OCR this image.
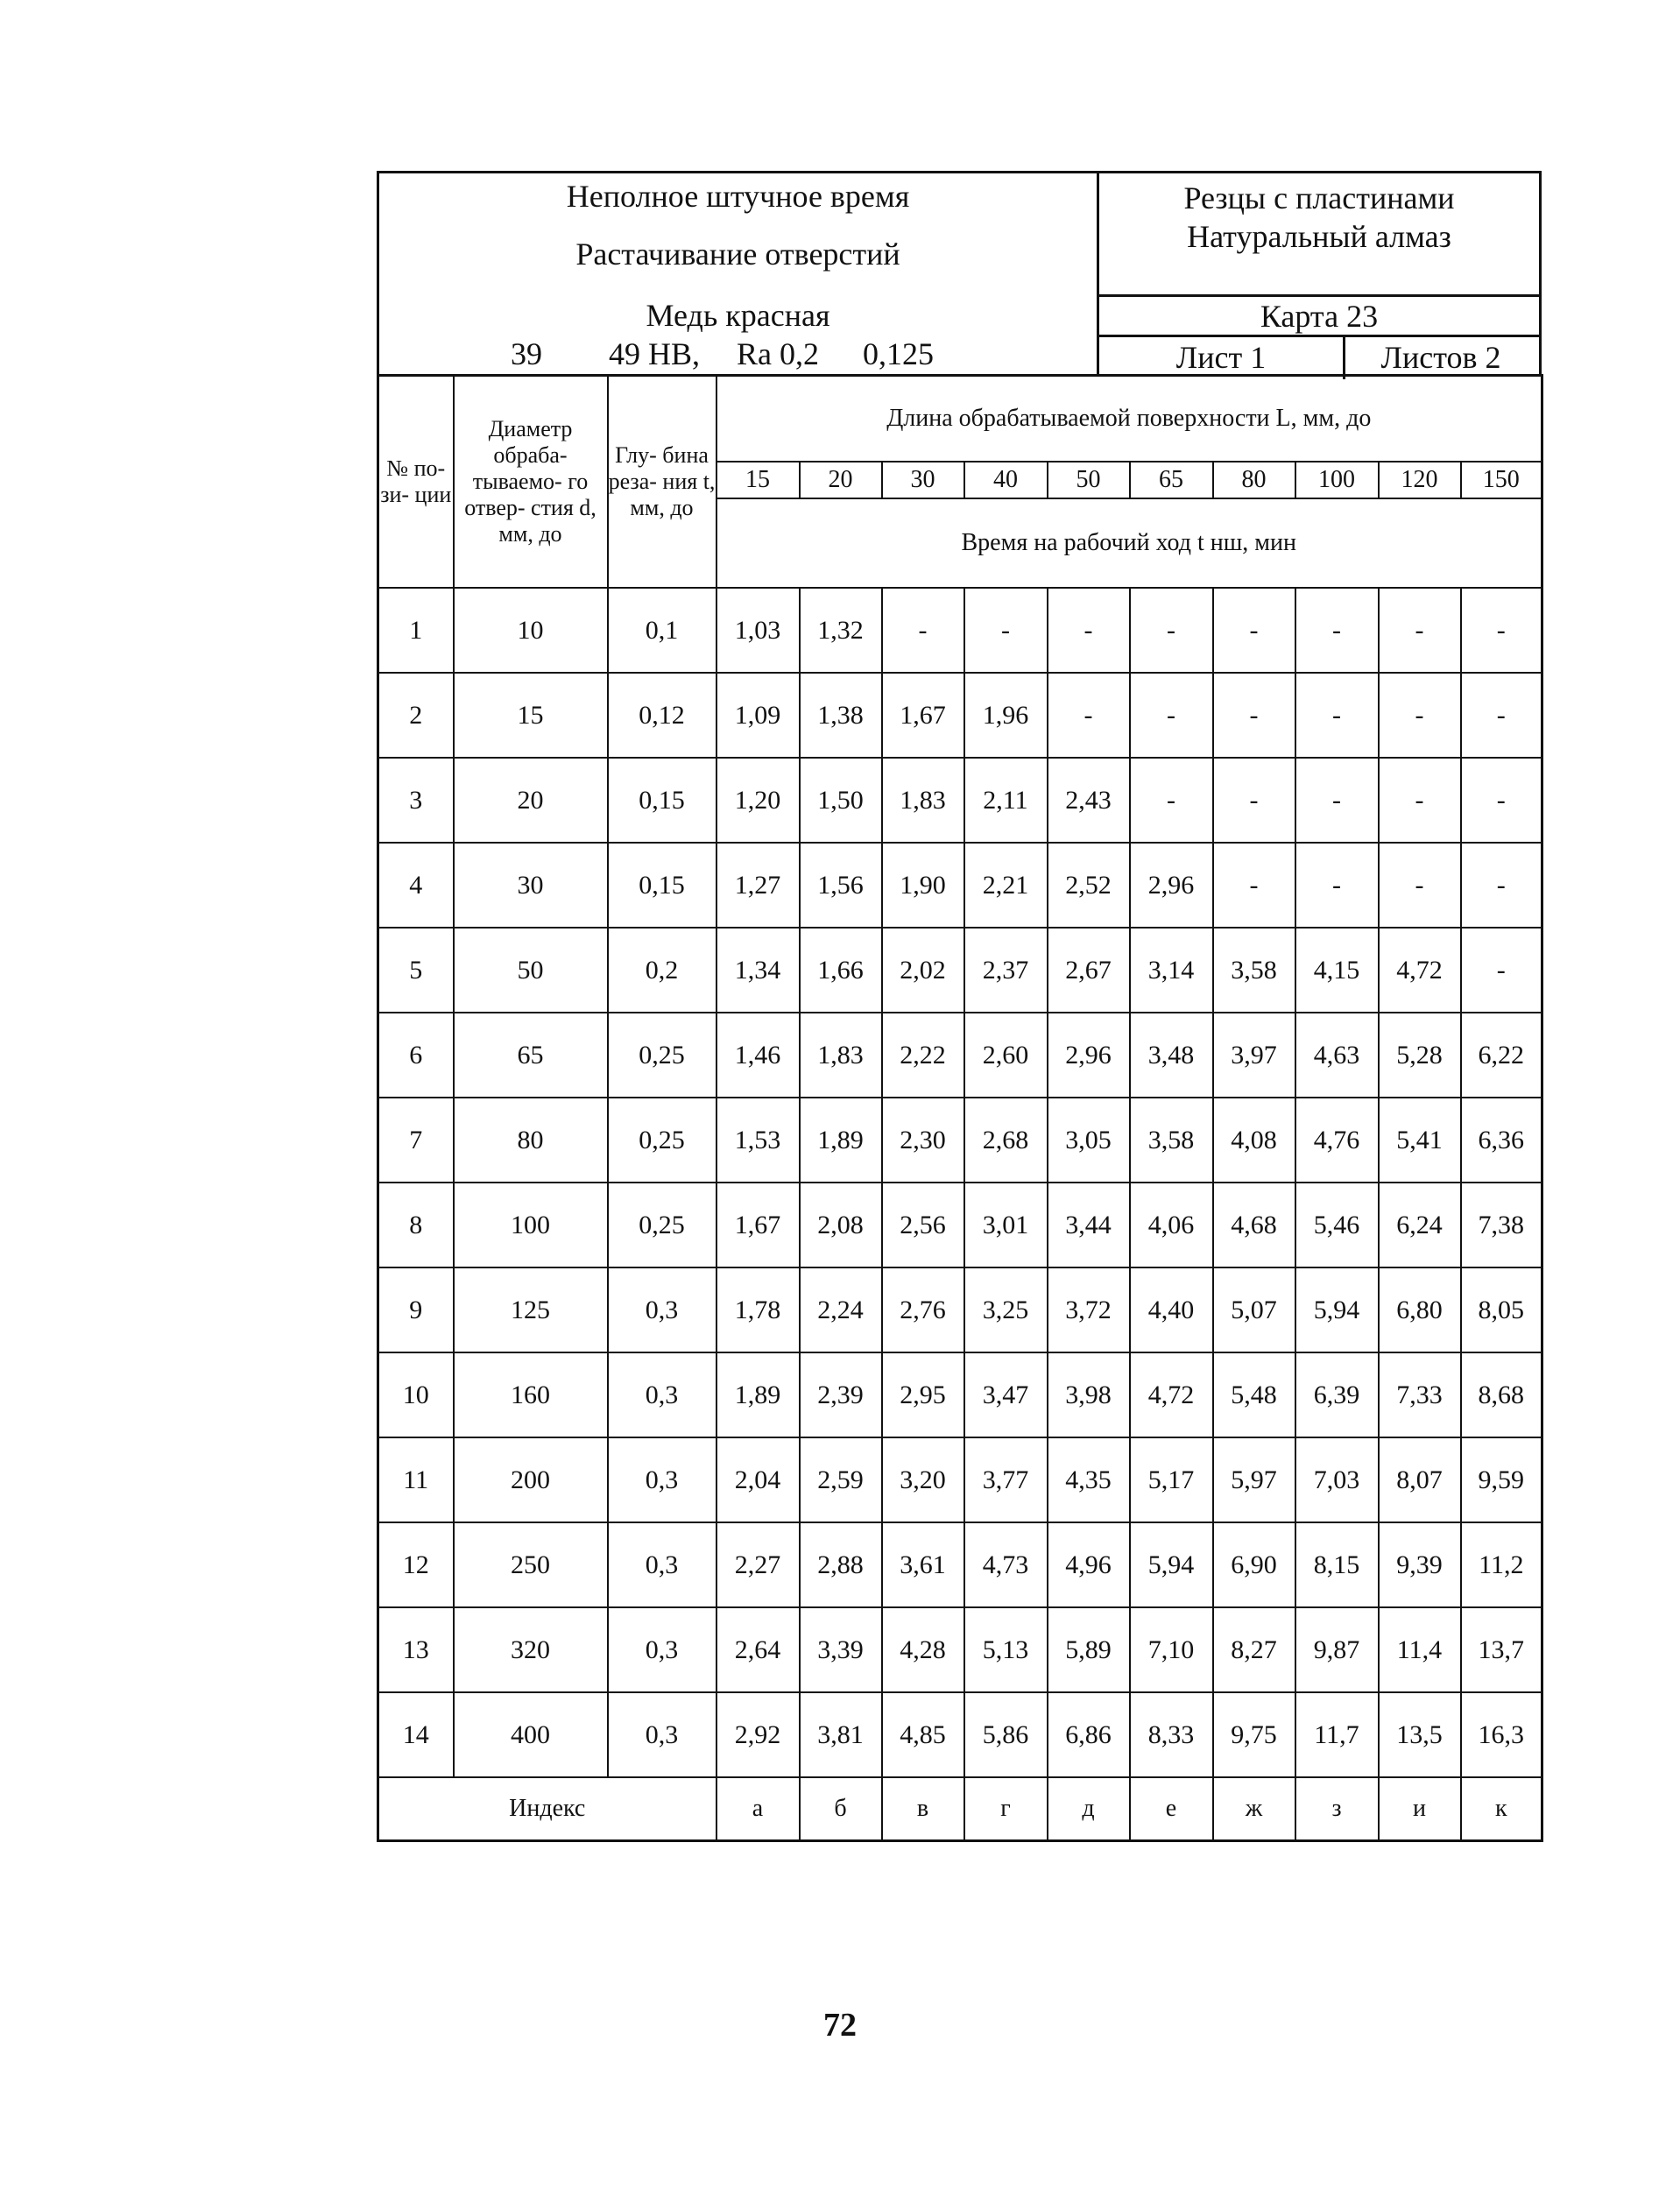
Неполное штучное время
Растачивание отверстий
Медь красная
39 49 HB, Ra 0,2 0,125
Резцы с пластинами
Натуральный алмаз
Карта 23
Лист 1	Листов 2
№ по- зи- ции	Диаметр обраба- тываемо- го отвер- стия d, мм, до	Глу- бина реза- ния t, мм, до	Длина обрабатываемой поверхности L, мм, до									
			15	20	30	40	50	65	80	100	120	150
			Время на рабочий ход t нш, мин									
1	10	0,1	1,03	1,32	-	-	-	-	-	-	-	-
2	15	0,12	1,09	1,38	1,67	1,96	-	-	-	-	-	-
3	20	0,15	1,20	1,50	1,83	2,11	2,43	-	-	-	-	-
4	30	0,15	1,27	1,56	1,90	2,21	2,52	2,96	-	-	-	-
5	50	0,2	1,34	1,66	2,02	2,37	2,67	3,14	3,58	4,15	4,72	-
6	65	0,25	1,46	1,83	2,22	2,60	2,96	3,48	3,97	4,63	5,28	6,22
7	80	0,25	1,53	1,89	2,30	2,68	3,05	3,58	4,08	4,76	5,41	6,36
8	100	0,25	1,67	2,08	2,56	3,01	3,44	4,06	4,68	5,46	6,24	7,38
9	125	0,3	1,78	2,24	2,76	3,25	3,72	4,40	5,07	5,94	6,80	8,05
10	160	0,3	1,89	2,39	2,95	3,47	3,98	4,72	5,48	6,39	7,33	8,68
11	200	0,3	2,04	2,59	3,20	3,77	4,35	5,17	5,97	7,03	8,07	9,59
12	250	0,3	2,27	2,88	3,61	4,73	4,96	5,94	6,90	8,15	9,39	11,2
13	320	0,3	2,64	3,39	4,28	5,13	5,89	7,10	8,27	9,87	11,4	13,7
14	400	0,3	2,92	3,81	4,85	5,86	6,86	8,33	9,75	11,7	13,5	16,3
Индекс			а	б	в	г	д	е	ж	з	и	к
72
